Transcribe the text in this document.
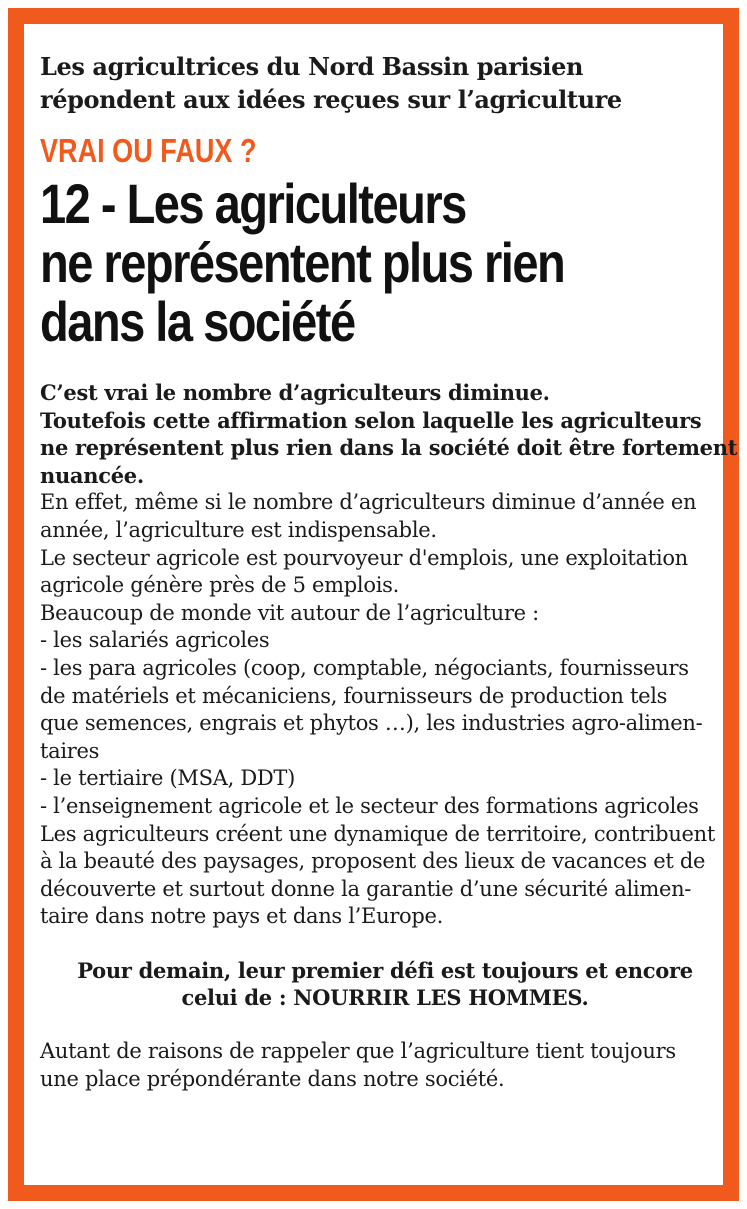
Les agricultrices du Nord Bassin parisien
répondent aux idées reçues sur l’agriculture
VRAI OU FAUX ?
12 - Les agriculteurs
ne représentent plus rien
dans la société
C’est vrai le nombre d’agriculteurs diminue.
Toutefois cette affirmation selon laquelle les agriculteurs
ne représentent plus rien dans la société doit être fortement
nuancée.
En effet, même si le nombre d’agriculteurs diminue d’année en
année, l’agriculture est indispensable.
Le secteur agricole est pourvoyeur d'emplois, une exploitation
agricole génère près de 5 emplois.
Beaucoup de monde vit autour de l’agriculture :
- les salariés agricoles
- les para agricoles (coop, comptable, négociants, fournisseurs
de matériels et mécaniciens, fournisseurs de production tels
que semences, engrais et phytos …), les industries agro-alimen-
taires
- le tertiaire (MSA, DDT)
- l’enseignement agricole et le secteur des formations agricoles
Les agriculteurs créent une dynamique de territoire, contribuent
à la beauté des paysages, proposent des lieux de vacances et de
découverte et surtout donne la garantie d’une sécurité alimen-
taire dans notre pays et dans l’Europe.
Pour demain, leur premier défi est toujours et encore
celui de : NOURRIR LES HOMMES.
Autant de raisons de rappeler que l’agriculture tient toujours
une place prépondérante dans notre société.
